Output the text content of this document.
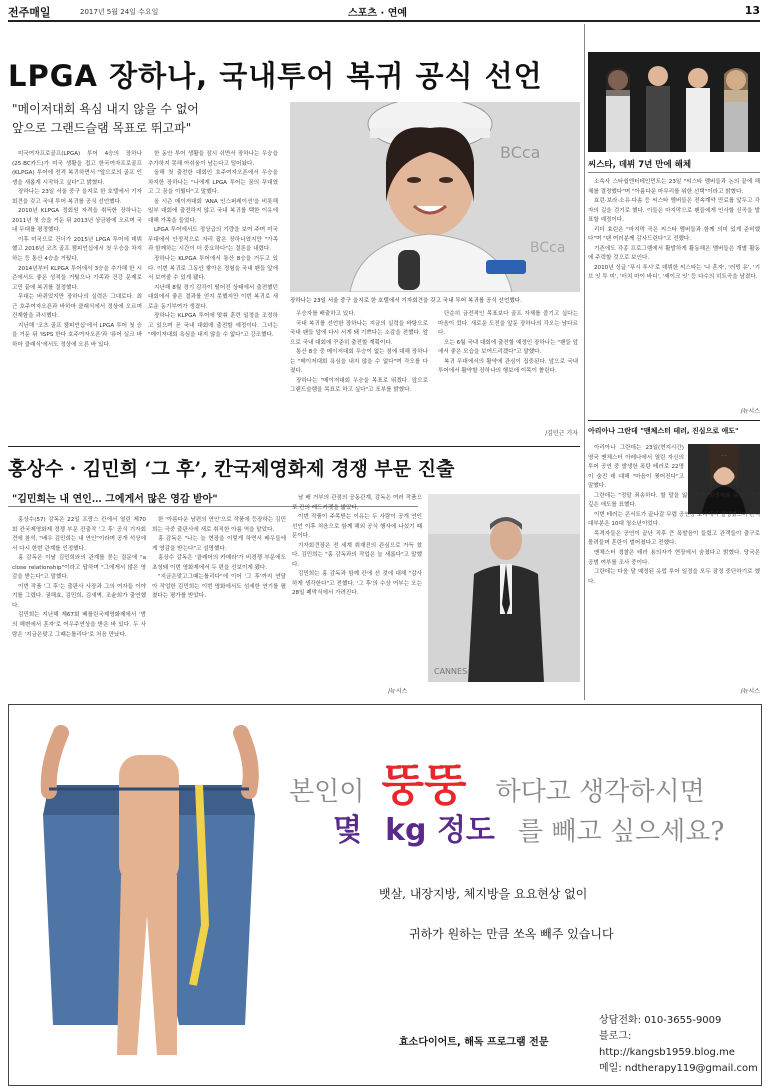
전주매일	2017년 5월 24일 수요일	스포츠 · 연예	13
LPGA 장하나, 국내투어 복귀 공식 선언
"메이저대회 욕심 내지 않을 수 없어
앞으로 그랜드슬램 목표로 뛰고파"

미국여자프로골프(LPGA) 투어 4승의 장하나(25·BC카드)가 미국 생활을 접고 한국여자프로골프(KLPGA) 투어에 전격 복귀하면서 "앞으로의 골프 인생을 새롭게 시작하고 싶다"고 밝혔다.

장하나는 23일 서울 중구 을지로 한 호텔에서 기자회견을 갖고 국내 투어 복귀를 공식 선언했다.

2010년 KLPGA 정회원 자격을 취득한 장하나는 2011년 첫 승을 거둔 뒤 2013년 상금왕에 오르며 국내 무대를 평정했다.

이후 미국으로 건너가 2015년 LPGA 투어에 데뷔했고 2016년 코츠 골프 챔피언십에서 첫 우승을 차지하는 등 통산 4승을 거뒀다.

2014년부터 KLPGA 투어에서 3승을 추가해 한 시즌에서도 좋은 성적을 거뒀으나 가족과 건강 문제로 고민 끝에 복귀를 결정했다.

무대는 바뀌었지만 장하나의 실력은 그대로다. 최근 호주여자오픈과 바하마 클래식에서 정상에 오르며 건재함을 과시했다.

지난해 '코츠 골프 챔피언십'에서 LPGA 투어 첫 승을 거둔 뒤 'ISPS 한다 호주여자오픈'과 '퓨어 실크 바하마 클래식'에서도 정상에 오른 바 있다.

한 동안 투어 생활을 잠시 쉬면서 장하나는 우승을 추가하지 못해 아쉬움이 남는다고 털어놨다.

올해 첫 출전한 대회인 호주여자오픈에서 우승을 차지한 장하나는 "나에게 LPGA 투어는 꿈의 무대였고 그 꿈을 이뤘다"고 말했다.

올 시즌 메이저대회 'ANA 인스퍼레이션'을 비롯해 일부 대회에 출전하지 않고 국내 복귀를 택한 이유에 대해 가족을 들었다.

LPGA 투어에서도 정상급의 기량을 보여 주며 미국 무대에서 안정적으로 자리 잡은 장하나였지만 "가족과 함께하는 시간이 더 중요하다"는 결론을 내렸다.

장하나는 KLPGA 투어에서 통산 8승을 거두고 있다. 이번 복귀로 그동안 쌓아온 경험을 국내 팬들 앞에서 보여줄 수 있게 됐다.

지난해 8월 경기 감각이 떨어진 상태에서 출전했던 대회에서 좋은 결과를 얻지 못했지만 이번 복귀로 새로운 동기부여가 생겼다.

장하나는 KLPGA 투어에 맞춰 훈련 일정을 조정하고 있으며 곧 국내 대회에 출전할 예정이다. 그녀는 "메이저대회 욕심을 내지 않을 수 없다"고 강조했다.

BCca
BCca
장하나는 23일 서울 중구 을지로 한 호텔에서 기자회견을 갖고 국내 투어 복귀를 공식 선언했다.

우승자를 배출하고 있다.

국내 복귀를 선언한 장하나는 지금의 실력을 바탕으로 국내 팬들 앞에 다시 서게 돼 기쁘다는 소감을 전했다. 앞으로 국내 대회에 꾸준히 출전할 계획이다.

통산 8승 중 메이저대회 우승이 없는 점에 대해 장하나는 "메이저대회 욕심을 내지 않을 수 없다"며 각오를 다졌다.

장하나는 "메이저대회 우승을 목표로 뛰겠다. 앞으로 그랜드슬램을 목표로 하고 싶다"고 포부를 밝혔다.

단순히 금전적인 목표보다 골프 자체를 즐기고 싶다는 마음이 컸다. 새로운 도전을 앞둔 장하나의 각오는 남다르다.

오는 6월 국내 대회에 출전할 예정인 장하나는 "팬들 앞에서 좋은 모습을 보여드리겠다"고 말했다.

복귀 무대에서의 활약에 관심이 집중된다. 앞으로 국내 투어에서 활약할 장하나의 행보에 이목이 쏠린다.

/김민근 기자
씨스타, 데뷔 7년 만에 해체

소속사 스타쉽엔터테인먼트는 23일 "씨스타 멤버들과 논의 끝에 해체를 결정했다"며 "아름다운 마무리를 위한 선택"이라고 밝혔다.

효린·보라·소유·다솜 등 씨스타 멤버들은 전속계약 만료를 앞두고 각자의 길을 걷기로 했다. 이들은 마지막으로 팬들에게 인사할 신곡을 발표할 예정이다.

리더 효린은 "마지막 곡은 씨스타 멤버들과 함께 의미 있게 준비했다"며 "팬 여러분께 감사드린다"고 전했다.

기존에도 각종 프로그램에서 활발하게 활동해온 멤버들은 개별 활동에 주력할 것으로 보인다.

2010년 싱글 '푸시 푸시'로 데뷔한 씨스타는 '나 혼자', '러빙 유', '기브 잇 투 미', '터치 마이 바디', '셰이크 잇' 등 다수의 히트곡을 남겼다.

/뉴시스
아리아나 그란데 "맨체스터 테러, 진심으로 애도"

아리아나 그란데는 23일(현지시간) 영국 맨체스터 아레나에서 열린 자신의 투어 공연 중 발생한 폭탄 테러로 22명이 숨진 데 대해 "마음이 찢어진다"고 말했다.

그란데는 "정말 죄송하다. 할 말을 잃었다"며 희생자와 유가족에게 깊은 애도를 표했다.

이번 테러는 콘서트가 끝나갈 무렵 공연장 로비에서 발생했으며 관객 대부분은 10대 청소년이었다.

목격자들은 공연이 끝난 직후 큰 폭발음이 들렸고 관객들이 출구로 몰려들며 혼란이 벌어졌다고 전했다.

맨체스터 경찰은 테러 용의자가 현장에서 숨졌다고 밝혔다. 당국은 공범 여부를 조사 중이다.

그란데는 다음 달 예정된 유럽 투어 일정을 모두 잠정 중단하기로 했다.

/뉴시스
홍상수 · 김민희 ‘그 후’, 칸국제영화제 경쟁 부문 진출
"김민희는 내 연인… 그에게서 많은 영감 받아"

홍상수(57) 감독은 22일 프랑스 칸에서 열린 제70회 칸국제영화제 경쟁 부문 진출작 '그 후' 공식 기자회견에 참석, "배우 김민희는 내 연인"이라며 공개 석상에서 다시 한번 관계를 인정했다.

홍 감독은 이날 김민희와의 관계를 묻는 질문에 "a close relationship"이라고 답하며 "그에게서 많은 영감을 받는다"고 말했다.

이번 작품 '그 후'는 출판사 사장과 그의 여자들 이야기를 그렸다. 권해효, 김민희, 김새벽, 조윤희가 출연했다.

김민희는 지난해 제67회 베를린국제영화제에서 '밤의 해변에서 혼자'로 여우주연상을 받은 바 있다. 두 사람은 '지금은맞고 그때는틀리다'로 처음 만났다.

한 '아름다운 남편의 연인'으로 작품에 등장하는 김민희는 극중 출판사에 새로 취직한 아름 역을 맡았다.

홍 감독은 "나는 늘 현장을 이렇게 하면서 배우들에게 영감을 받는다"고 설명했다.

홍상수 감독은 '클레어의 카메라'가 비경쟁 부문에도 초청돼 이번 영화제에서 두 편을 선보이게 됐다.

"지금은맞고그때는틀리다"에 이어 '그 후'까지 연달아 작업한 김민희는 이번 영화에서도 섬세한 연기를 펼쳤다는 평가를 받았다.

남 배 거부의 관점의 공동관계, 감독은 여러 작품으로 칸의 레드카펫을 밟았다.

이번 작품이 주목받는 이유는 두 사람이 공개 연인 선언 이후 처음으로 함께 해외 공식 행사에 나섰기 때문이다.

기자회견장은 전 세계 취재진의 관심으로 가득 찼다. 김민희는 "홍 감독과의 작업은 늘 새롭다"고 말했다.

김민희는 홍 감독과 함께 칸에 선 것에 대해 "감사하게 생각한다"고 전했다. '그 후'의 수상 여부는 오는 28일 폐막식에서 가려진다.

CANNES
/뉴시스
본인이 뚱뚱 하다고 생각하시면
몇 kg 정도 를 빼고 싶으세요?
뱃살, 내장지방, 체지방을 요요현상 없이
귀하가 원하는 만큼 쏘옥 빼주 있습니다
효소다이어트, 해독 프로그램 전문
상담전화: 010-3655-9009
블로그: http://kangsb1959.blog.me
메일: ndtherapy119@gmail.com
